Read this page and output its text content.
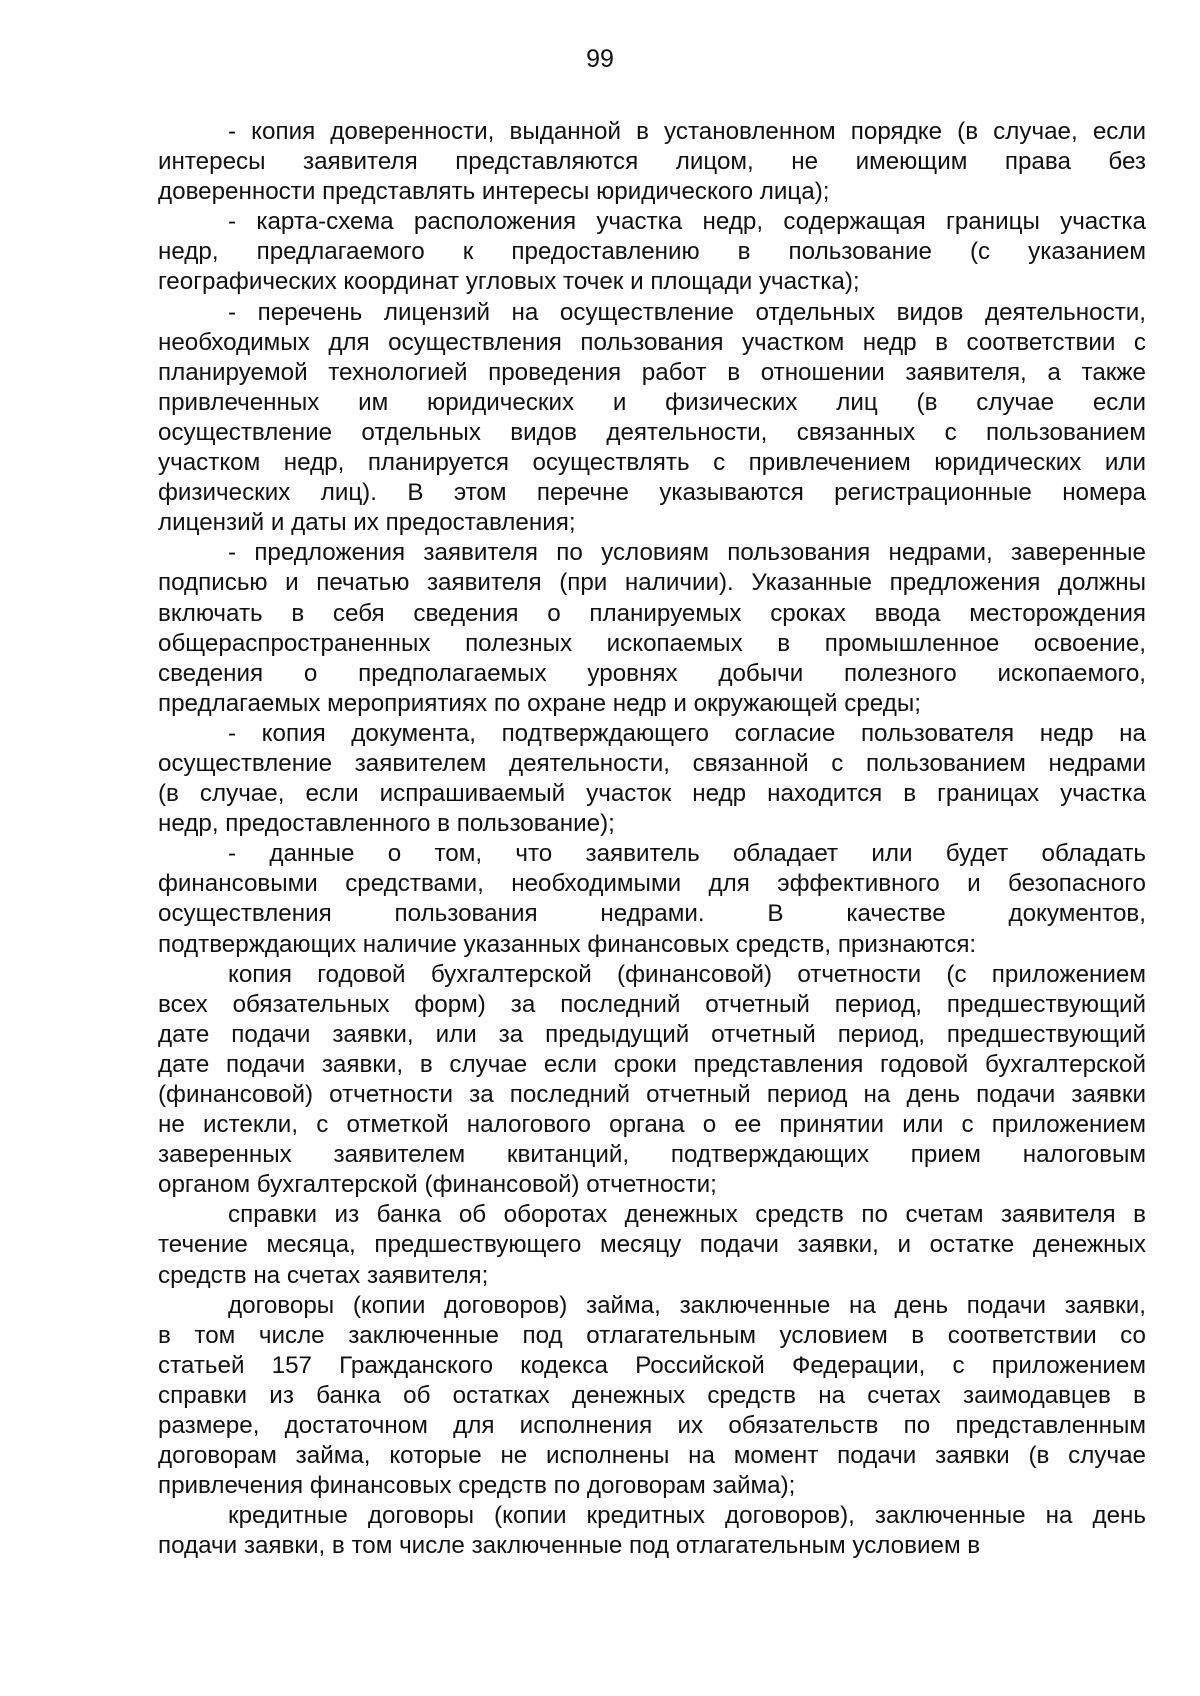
99
- копия доверенности, выданной в установленном порядке (в случае, если
интересы заявителя представляются лицом, не имеющим права без
доверенности представлять интересы юридического лица);
- карта-схема расположения участка недр, содержащая границы участка
недр, предлагаемого к предоставлению в пользование (с указанием
географических координат угловых точек и площади участка);
- перечень лицензий на осуществление отдельных видов деятельности,
необходимых для осуществления пользования участком недр в соответствии с
планируемой технологией проведения работ в отношении заявителя, а также
привлеченных им юридических и физических лиц (в случае если
осуществление отдельных видов деятельности, связанных с пользованием
участком недр, планируется осуществлять с привлечением юридических или
физических лиц). В этом перечне указываются регистрационные номера
лицензий и даты их предоставления;
- предложения заявителя по условиям пользования недрами, заверенные
подписью и печатью заявителя (при наличии). Указанные предложения должны
включать в себя сведения о планируемых сроках ввода месторождения
общераспространенных полезных ископаемых в промышленное освоение,
сведения о предполагаемых уровнях добычи полезного ископаемого,
предлагаемых мероприятиях по охране недр и окружающей среды;
- копия документа, подтверждающего согласие пользователя недр на
осуществление заявителем деятельности, связанной с пользованием недрами
(в случае, если испрашиваемый участок недр находится в границах участка
недр, предоставленного в пользование);
- данные о том, что заявитель обладает или будет обладать
финансовыми средствами, необходимыми для эффективного и безопасного
осуществления пользования недрами. В качестве документов,
подтверждающих наличие указанных финансовых средств, признаются:
копия годовой бухгалтерской (финансовой) отчетности (с приложением
всех обязательных форм) за последний отчетный период, предшествующий
дате подачи заявки, или за предыдущий отчетный период, предшествующий
дате подачи заявки, в случае если сроки представления годовой бухгалтерской
(финансовой) отчетности за последний отчетный период на день подачи заявки
не истекли, с отметкой налогового органа о ее принятии или с приложением
заверенных заявителем квитанций, подтверждающих прием налоговым
органом бухгалтерской (финансовой) отчетности;
справки из банка об оборотах денежных средств по счетам заявителя в
течение месяца, предшествующего месяцу подачи заявки, и остатке денежных
средств на счетах заявителя;
договоры (копии договоров) займа, заключенные на день подачи заявки,
в том числе заключенные под отлагательным условием в соответствии со
статьей 157 Гражданского кодекса Российской Федерации, с приложением
справки из банка об остатках денежных средств на счетах заимодавцев в
размере, достаточном для исполнения их обязательств по представленным
договорам займа, которые не исполнены на момент подачи заявки (в случае
привлечения финансовых средств по договорам займа);
кредитные договоры (копии кредитных договоров), заключенные на день
подачи заявки, в том числе заключенные под отлагательным условием в
